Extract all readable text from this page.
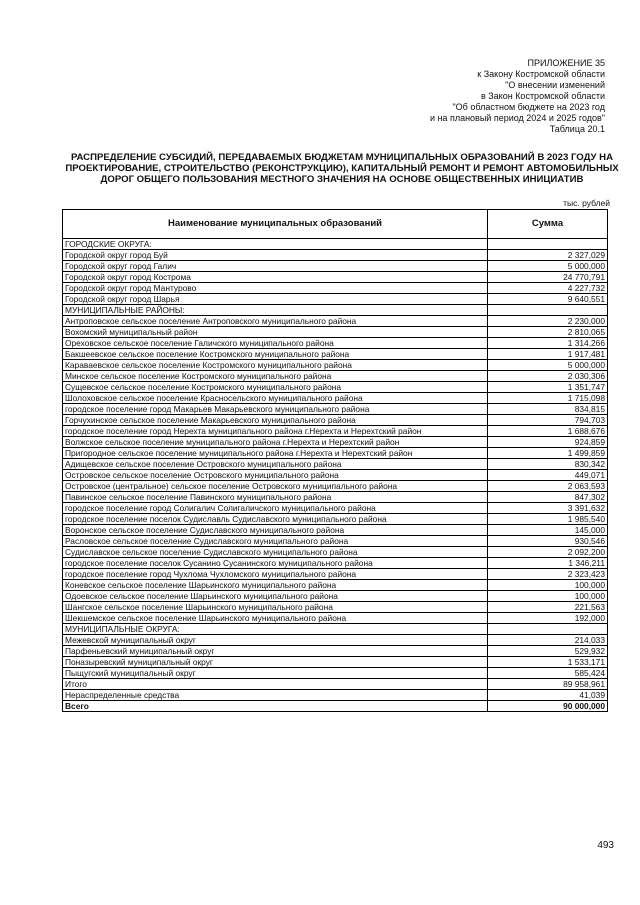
ПРИЛОЖЕНИЕ 35
к Закону Костромской области
"О внесении изменений
в Закон Костромской области
"Об областном бюджете на 2023 год
и на плановый период 2024 и 2025 годов"
Таблица 20.1
РАСПРЕДЕЛЕНИЕ СУБСИДИЙ, ПЕРЕДАВАЕМЫХ БЮДЖЕТАМ МУНИЦИПАЛЬНЫХ ОБРАЗОВАНИЙ В 2023 ГОДУ НА ПРОЕКТИРОВАНИЕ, СТРОИТЕЛЬСТВО (РЕКОНСТРУКЦИЮ), КАПИТАЛЬНЫЙ РЕМОНТ И РЕМОНТ АВТОМОБИЛЬНЫХ ДОРОГ ОБЩЕГО ПОЛЬЗОВАНИЯ МЕСТНОГО ЗНАЧЕНИЯ НА ОСНОВЕ ОБЩЕСТВЕННЫХ ИНИЦИАТИВ
тыс. рублей
Наименование муниципальных образований	Сумма
ГОРОДСКИЕ ОКРУГА:	
Городской округ город Буй	2 327,029
Городской округ город Галич	5 000,000
Городской округ город Кострома	24 770,791
Городской округ город Мантурово	4 227,732
Городской округ город Шарья	9 640,551
МУНИЦИПАЛЬНЫЕ РАЙОНЫ:	
Антроповское сельское поселение Антроповского муниципального района	2 230,000
Вохомский муниципальный район	2 810,065
Ореховское сельское поселение Галичского муниципального района	1 314,266
Бакшеевское сельское поселение Костромского муниципального района	1 917,481
Караваевское сельское поселение Костромского муниципального района	5 000,000
Минское сельское поселение Костромского муниципального района	2 030,306
Сущевское сельское поселение Костромского муниципального района	1 351,747
Шолоховское сельское поселение Красносельского муниципального района	1 715,098
городское поселение город Макарьев Макарьевского муниципального района	834,815
Горчухинское сельское поселение Макарьевского муниципального района	794,703
городское поселение город Нерехта муниципального района г.Нерехта и Нерехтский район	1 688,676
Волжское сельское поселение муниципального района г.Нерехта и Нерехтский район	924,859
Пригородное сельское поселение муниципального района г.Нерехта и Нерехтский район	1 499,859
Адищевское сельское поселение Островского муниципального района	830,342
Островское сельское поселение Островского муниципального района	449,071
Островское (центральное) сельское поселение Островского муниципального района	2 063,593
Павинское сельское поселение Павинского муниципального района	847,302
городское поселение город Солигалич Солигаличского муниципального района	3 391,632
городское поселение поселок Судиславль Судиславского муниципального района	1 985,540
Воронское сельское поселение Судиславского муниципального района	145,000
Расловское сельское поселение Судиславского муниципального района	930,546
Судиславское сельское поселение Судиславского муниципального района	2 092,200
городское поселение поселок Сусанино Сусанинского муниципального района	1 346,211
городское поселение город Чухлома Чухломского муниципального района	2 323,423
Коневское сельское поселение Шарьинского муниципального района	100,000
Одоевское сельское поселение Шарьинского муниципального района	100,000
Шангское сельское поселение Шарьинского муниципального района	221,563
Шекшемское сельское поселение Шарьинского муниципального района	192,000
МУНИЦИПАЛЬНЫЕ ОКРУГА:	
Межевской муниципальный округ	214,033
Парфеньевский муниципальный округ	529,932
Поназыревский муниципальный округ	1 533,171
Пыщугский муниципальный округ	585,424
Итого	89 958,961
Нераспределенные средства	41,039
Всего	90 000,000
493
